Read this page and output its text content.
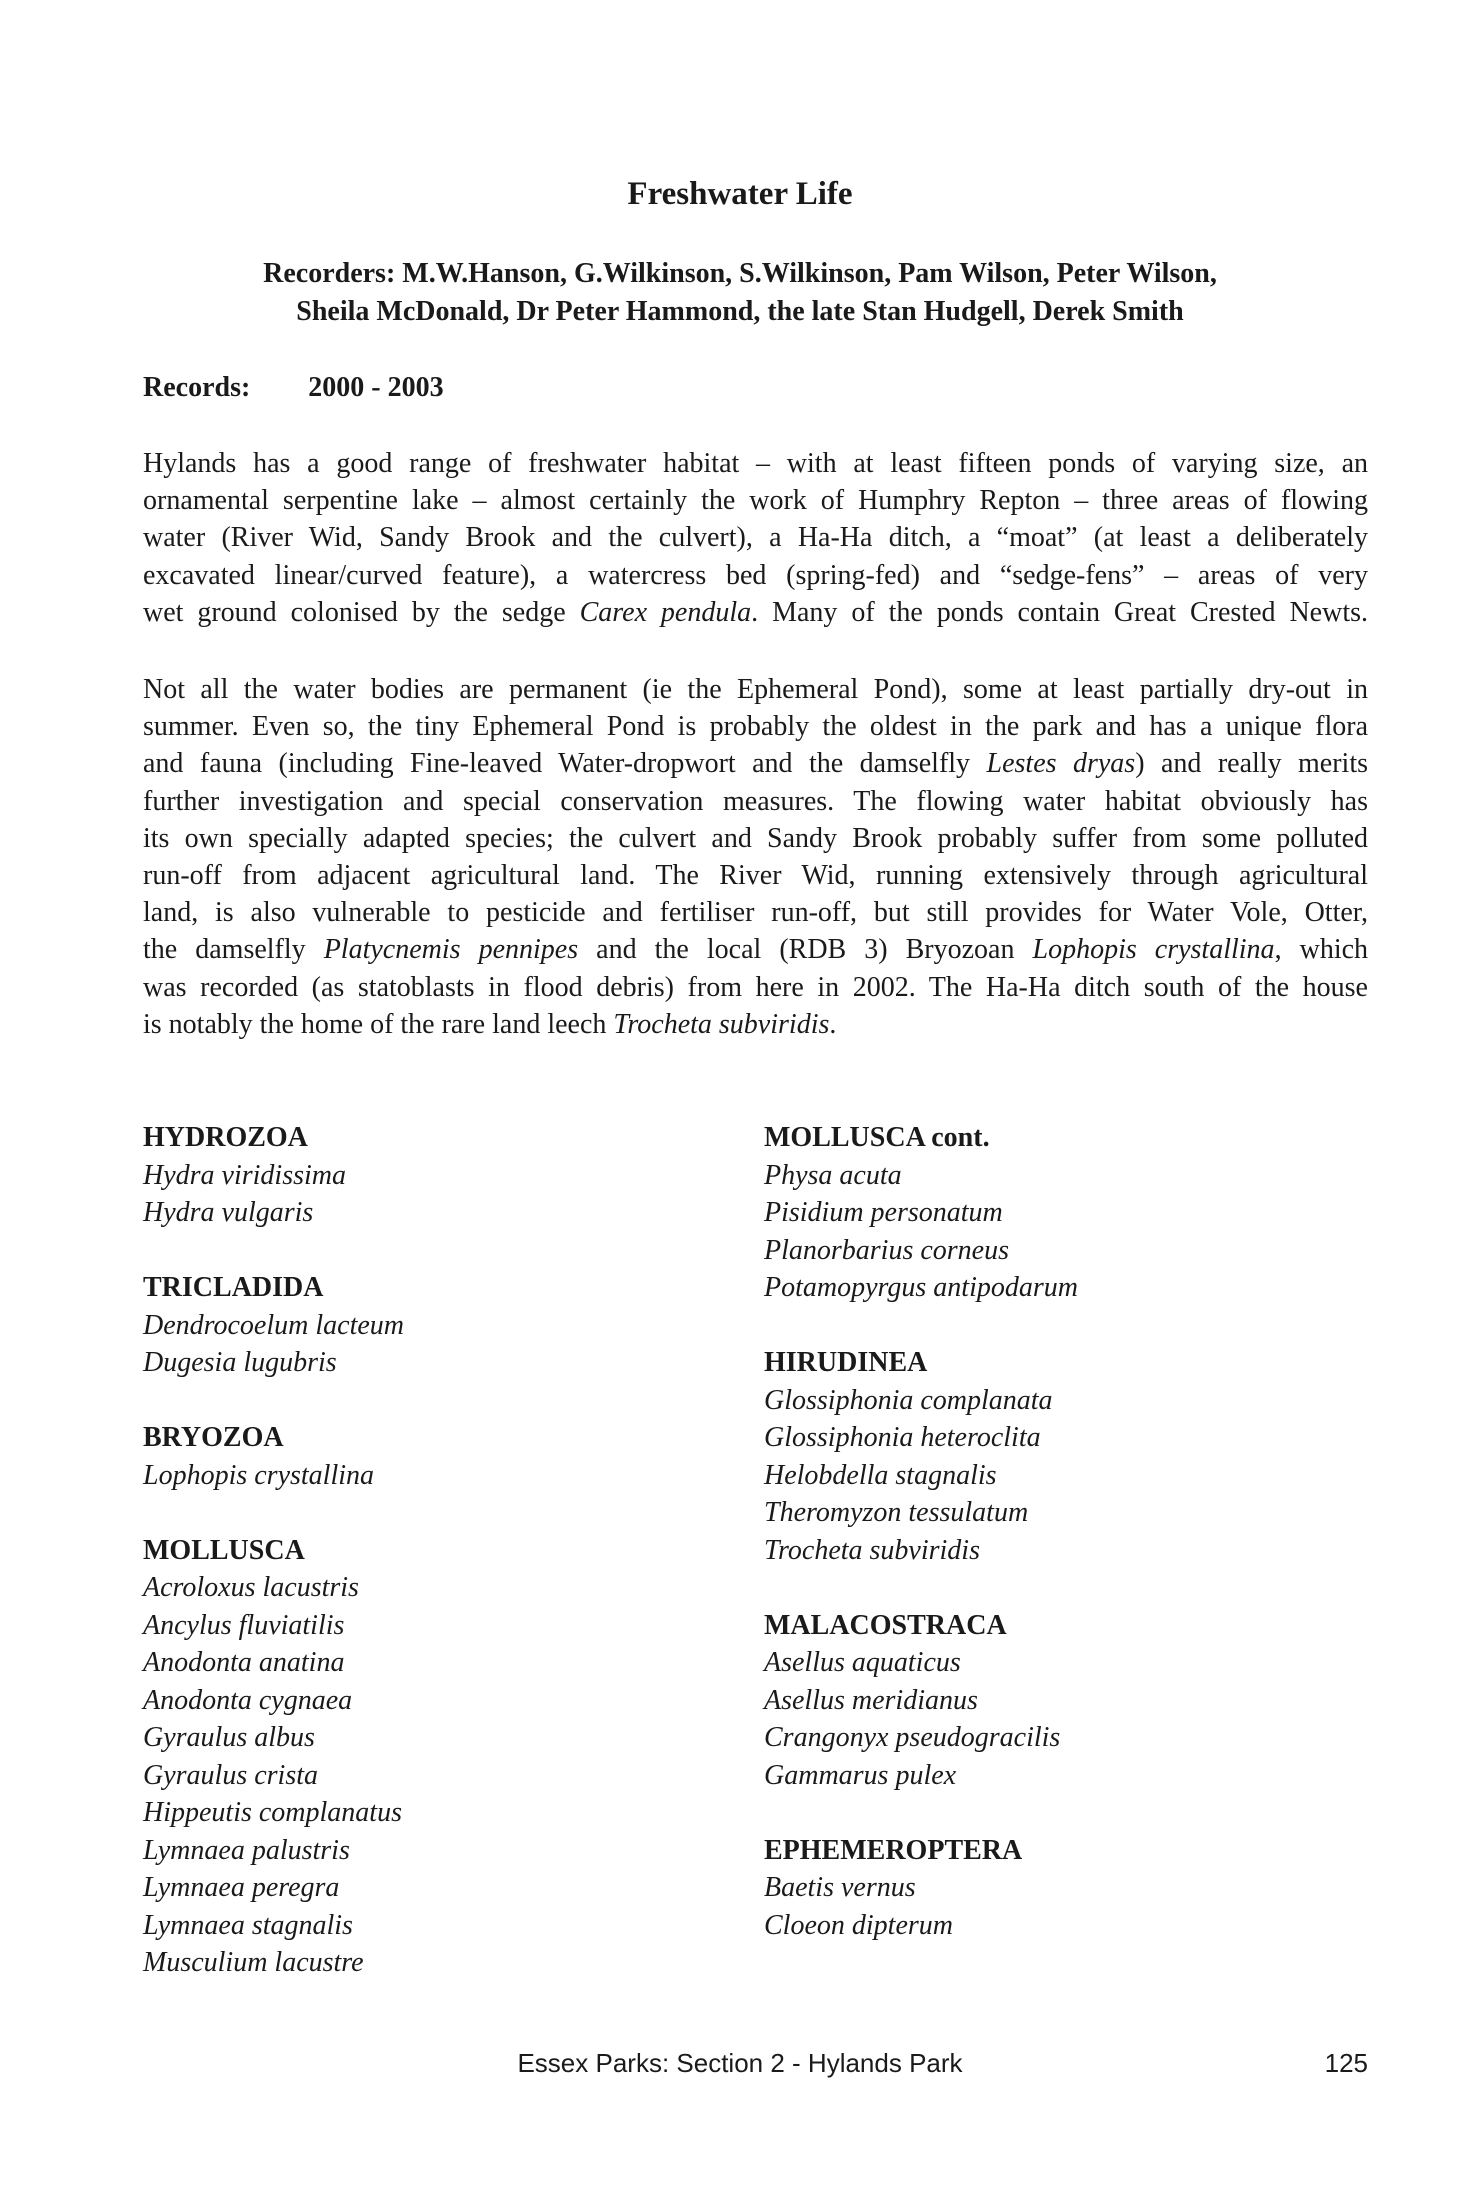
Freshwater Life
Recorders: M.W.Hanson, G.Wilkinson, S.Wilkinson, Pam Wilson, Peter Wilson,
Sheila McDonald, Dr Peter Hammond, the late Stan Hudgell, Derek Smith
Records: 2000 - 2003

Hylands has a good range of freshwater habitat – with at least fifteen ponds of varying size, an
ornamental serpentine lake – almost certainly the work of Humphry Repton – three areas of flowing
water (River Wid, Sandy Brook and the culvert), a Ha-Ha ditch, a “moat” (at least a deliberately
excavated linear/curved feature), a watercress bed (spring-fed) and “sedge-fens” – areas of very
wet ground colonised by the sedge Carex pendula. Many of the ponds contain Great Crested Newts.

Not all the water bodies are permanent (ie the Ephemeral Pond), some at least partially dry-out in
summer. Even so, the tiny Ephemeral Pond is probably the oldest in the park and has a unique flora
and fauna (including Fine-leaved Water-dropwort and the damselfly Lestes dryas) and really merits
further investigation and special conservation measures. The flowing water habitat obviously has
its own specially adapted species; the culvert and Sandy Brook probably suffer from some polluted
run-off from adjacent agricultural land. The River Wid, running extensively through agricultural
land, is also vulnerable to pesticide and fertiliser run-off, but still provides for Water Vole, Otter,
the damselfly Platycnemis pennipes and the local (RDB 3) Bryozoan Lophopis crystallina, which
was recorded (as statoblasts in flood debris) from here in 2002. The Ha-Ha ditch south of the house
is notably the home of the rare land leech Trocheta subviridis.

HYDROZOA
Hydra viridissima
Hydra vulgaris
TRICLADIDA
Dendrocoelum lacteum
Dugesia lugubris
BRYOZOA
Lophopis crystallina
MOLLUSCA
Acroloxus lacustris
Ancylus fluviatilis
Anodonta anatina
Anodonta cygnaea
Gyraulus albus
Gyraulus crista
Hippeutis complanatus
Lymnaea palustris
Lymnaea peregra
Lymnaea stagnalis
Musculium lacustre
MOLLUSCA cont.
Physa acuta
Pisidium personatum
Planorbarius corneus
Potamopyrgus antipodarum
HIRUDINEA
Glossiphonia complanata
Glossiphonia heteroclita
Helobdella stagnalis
Theromyzon tessulatum
Trocheta subviridis
MALACOSTRACA
Asellus aquaticus
Asellus meridianus
Crangonyx pseudogracilis
Gammarus pulex
EPHEMEROPTERA
Baetis vernus
Cloeon dipterum
Essex Parks: Section 2 - Hylands Park	125
